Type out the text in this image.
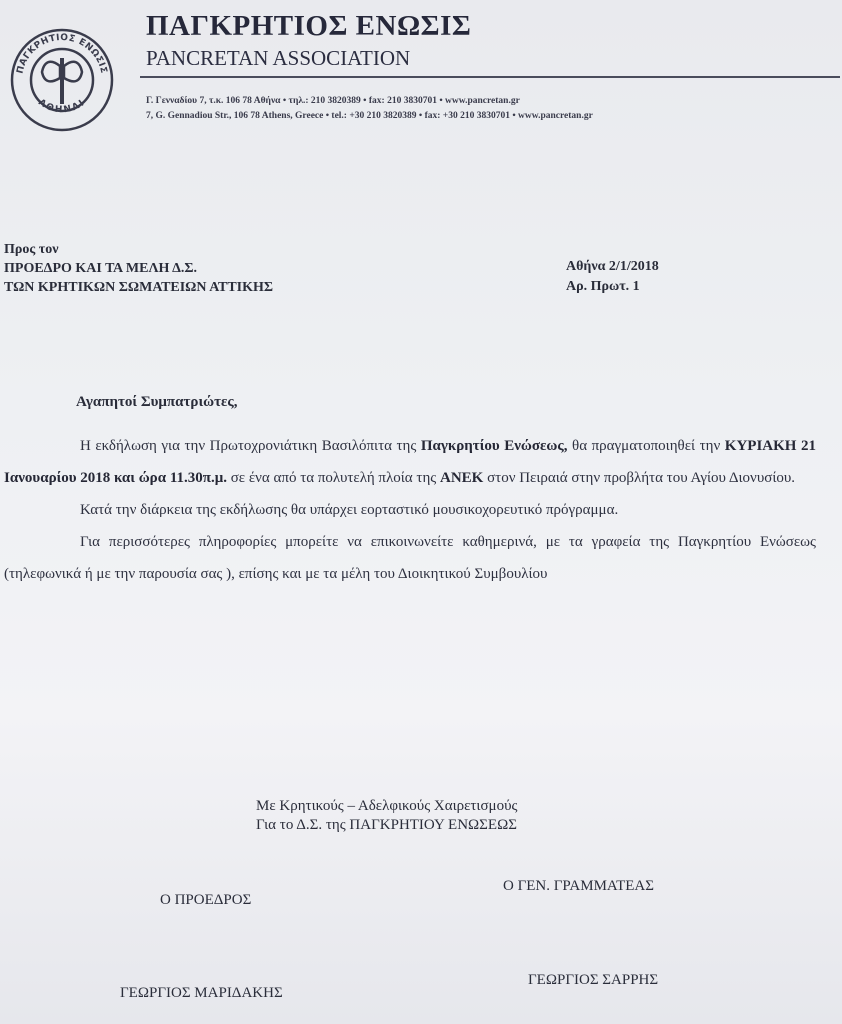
ΠΑΓΚΡΗΤΙΟΣ ΕΝΩΣΙΣ
ΑΘΗΝΑΙ
ΠΑΓΚΡΗΤΙΟΣ ΕΝΩΣΙΣ
PANCRETAN ASSOCIATION
Γ. Γενναδίου 7, τ.κ. 106 78 Αθήνα • τηλ.: 210 3820389 • fax: 210 3830701 • www.pancretan.gr
7, G. Gennadiou Str., 106 78 Athens, Greece • tel.: +30 210 3820389 • fax: +30 210 3830701 • www.pancretan.gr
Προς τον
ΠΡΟΕΔΡΟ ΚΑΙ ΤΑ ΜΕΛΗ Δ.Σ.
ΤΩΝ ΚΡΗΤΙΚΩΝ ΣΩΜΑΤΕΙΩΝ ΑΤΤΙΚΗΣ
Αθήνα 2/1/2018
Αρ. Πρωτ. 1
Αγαπητοί Συμπατριώτες,

Η εκδήλωση για την Πρωτοχρονιάτικη Βασιλόπιτα της Παγκρητίου Ενώσεως, θα πραγματοποιηθεί την ΚΥΡΙΑΚΗ 21 Ιανουαρίου 2018 και ώρα 11.30π.μ. σε ένα από τα πολυτελή πλοία της ΑΝΕΚ στον Πειραιά στην προβλήτα του Αγίου Διονυσίου.

Κατά την διάρκεια της εκδήλωσης θα υπάρχει εορταστικό μουσικοχορευτικό πρόγραμμα.

Για περισσότερες πληροφορίες μπορείτε να επικοινωνείτε καθημερινά, με τα γραφεία της Παγκρητίου Ενώσεως (τηλεφωνικά ή με την παρουσία σας ), επίσης και με τα μέλη του Διοικητικού Συμβουλίου

Με Κρητικούς – Αδελφικούς Χαιρετισμούς
Για το Δ.Σ. της ΠΑΓΚΡΗΤΙΟΥ ΕΝΩΣΕΩΣ
Ο ΠΡΟΕΔΡΟΣ
Ο ΓΕΝ. ΓΡΑΜΜΑΤΕΑΣ
ΓΕΩΡΓΙΟΣ ΜΑΡΙΔΑΚΗΣ
ΓΕΩΡΓΙΟΣ ΣΑΡΡΗΣ
